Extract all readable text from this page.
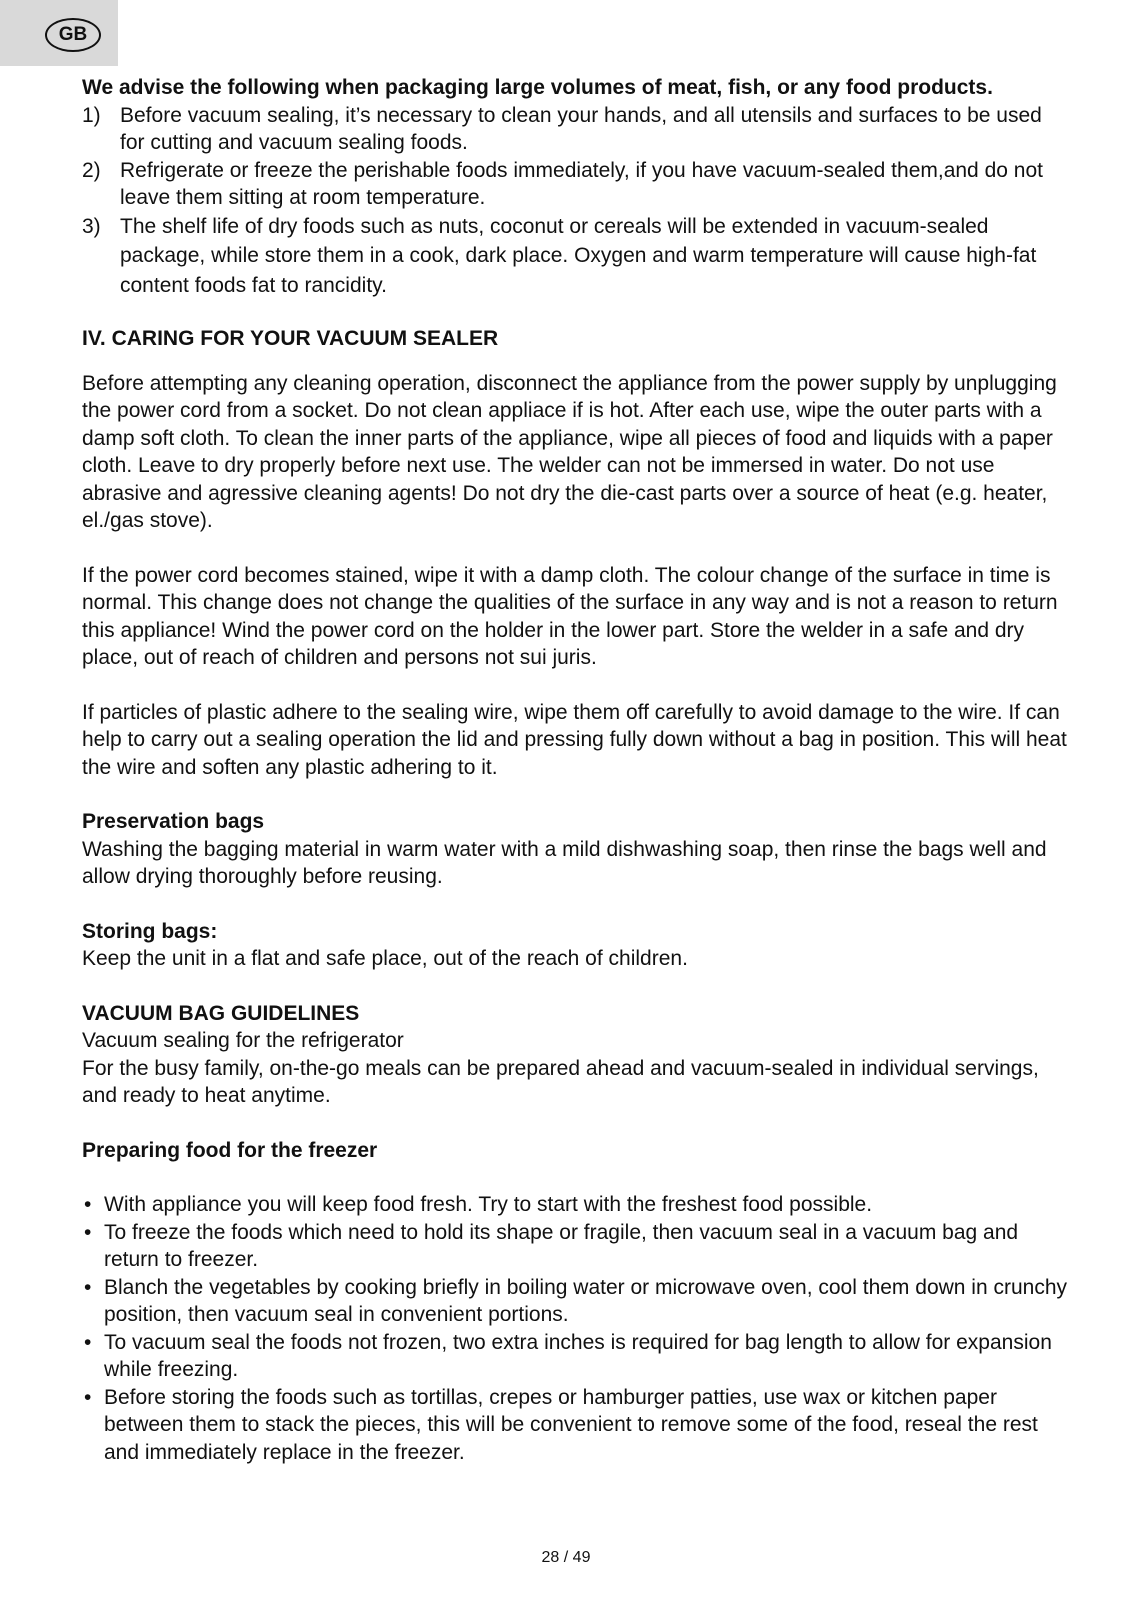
GB

We advise the following when packaging large volumes of meat, fish, or any food products.

1) Before vacuum sealing, it’s necessary to clean your hands, and all utensils and surfaces to be used for cutting and vacuum sealing foods.
2) Refrigerate or freeze the perishable foods immediately, if you have vacuum-sealed them,and do not leave them sitting at room temperature.
3) The shelf life of dry foods such as nuts, coconut or cereals will be extended in vacuum-sealed package, while store them in a cook, dark place. Oxygen and warm temperature will cause high-fat content foods fat to rancidity.

IV. CARING FOR YOUR VACUUM SEALER

Before attempting any cleaning operation, disconnect the appliance from the power supply by unplugging the power cord from a socket. Do not clean appliace if is hot. After each use, wipe the outer parts with a damp soft cloth. To clean the inner parts of the appliance, wipe all pieces of food and liquids with a paper cloth. Leave to dry properly before next use. The welder can not be immersed in water. Do not use abrasive and agressive cleaning agents! Do not dry the die-cast parts over a source of heat (e.g. heater, el./gas stove).

If the power cord becomes stained, wipe it with a damp cloth. The colour change of the surface in time is normal. This change does not change the qualities of the surface in any way and is not a reason to return this appliance! Wind the power cord on the holder in the lower part. Store the welder in a safe and dry place, out of reach of children and persons not sui juris.

If particles of plastic adhere to the sealing wire, wipe them off carefully to avoid damage to the wire. If can help to carry out a sealing operation the lid and pressing fully down without a bag in position. This will heat the wire and soften any plastic adhering to it.

Preservation bags

Washing the bagging material in warm water with a mild dishwashing soap, then rinse the bags well and allow drying thoroughly before reusing.

Storing bags:

Keep the unit in a flat and safe place, out of the reach of children.

VACUUM BAG GUIDELINES

Vacuum sealing for the refrigerator

For the busy family, on-the-go meals can be prepared ahead and vacuum-sealed in individual servings, and ready to heat anytime.

Preparing food for the freezer

• With appliance you will keep food fresh. Try to start with the freshest food possible.
• To freeze the foods which need to hold its shape or fragile, then vacuum seal in a vacuum bag and return to freezer.
• Blanch the vegetables by cooking briefly in boiling water or microwave oven, cool them down in crunchy position, then vacuum seal in convenient portions.
• To vacuum seal the foods not frozen, two extra inches is required for bag length to allow for expansion while freezing.
• Before storing the foods such as tortillas, crepes or hamburger patties, use wax or kitchen paper between them to stack the pieces, this will be convenient to remove some of the food, reseal the rest and immediately replace in the freezer.
28 / 49
